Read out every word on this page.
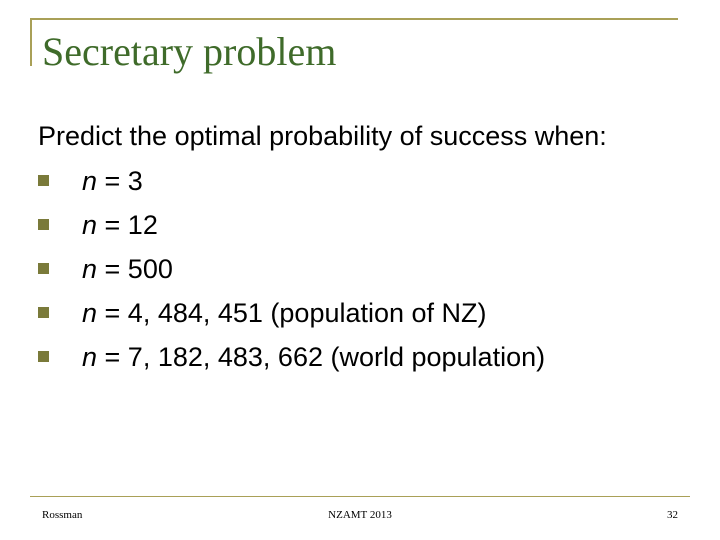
Secretary problem
Predict the optimal probability of success when:
n = 3
n = 12
n = 500
n = 4, 484, 451 (population of NZ)
n = 7, 182, 483, 662 (world population)
Rossman	NZAMT 2013	32
